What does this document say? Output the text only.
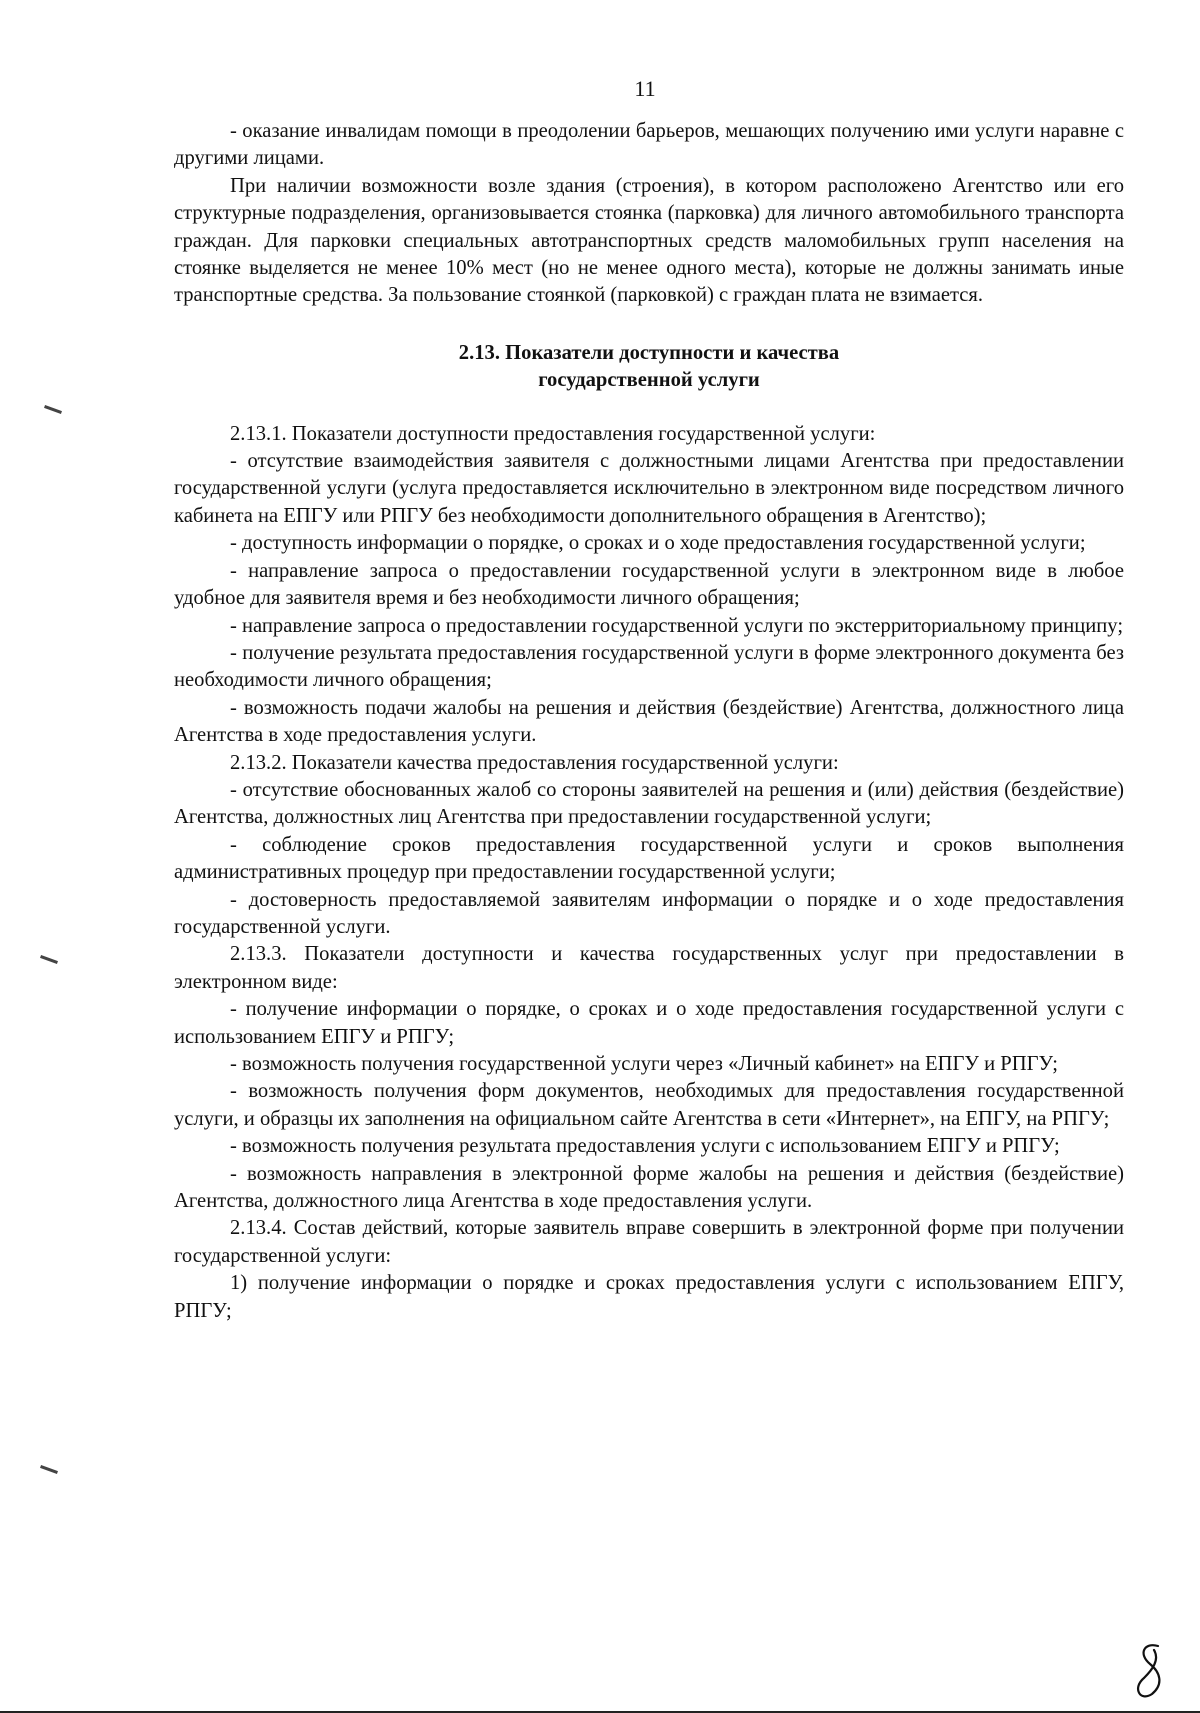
11

- оказание инвалидам помощи в преодолении барьеров, мешающих получению ими услуги наравне с другими лицами.

При наличии возможности возле здания (строения), в котором расположено Агентство или его структурные подразделения, организовывается стоянка (парковка) для личного автомобильного транспорта граждан. Для парковки специальных автотранспортных средств маломобильных групп населения на стоянке выделяется не менее 10% мест (но не менее одного места), которые не должны занимать иные транспортные средства. За пользование стоянкой (парковкой) с граждан плата не взимается.

2.13. Показатели доступности и качества
государственной услуги

2.13.1. Показатели доступности предоставления государственной услуги:

- отсутствие взаимодействия заявителя с должностными лицами Агентства при предоставлении государственной услуги (услуга предоставляется исключительно в электронном виде посредством личного кабинета на ЕПГУ или РПГУ без необходимости дополнительного обращения в Агентство);

- доступность информации о порядке, о сроках и о ходе предоставления государственной услуги;

- направление запроса о предоставлении государственной услуги в электронном виде в любое удобное для заявителя время и без необходимости личного обращения;

- направление запроса о предоставлении государственной услуги по экстерриториальному принципу;

- получение результата предоставления государственной услуги в форме электронного документа без необходимости личного обращения;

- возможность подачи жалобы на решения и действия (бездействие) Агентства, должностного лица Агентства в ходе предоставления услуги.

2.13.2. Показатели качества предоставления государственной услуги:

- отсутствие обоснованных жалоб со стороны заявителей на решения и (или) действия (бездействие) Агентства, должностных лиц Агентства при предоставлении государственной услуги;

- соблюдение сроков предоставления государственной услуги и сроков выполнения административных процедур при предоставлении государственной услуги;

- достоверность предоставляемой заявителям информации о порядке и о ходе предоставления государственной услуги.

2.13.3. Показатели доступности и качества государственных услуг при предоставлении в электронном виде:

- получение информации о порядке, о сроках и о ходе предоставления государственной услуги с использованием ЕПГУ и РПГУ;

- возможность получения государственной услуги через «Личный кабинет» на ЕПГУ и РПГУ;

- возможность получения форм документов, необходимых для предоставления государственной услуги, и образцы их заполнения на официальном сайте Агентства в сети «Интернет», на ЕПГУ, на РПГУ;

- возможность получения результата предоставления услуги с использованием ЕПГУ и РПГУ;

- возможность направления в электронной форме жалобы на решения и действия (бездействие) Агентства, должностного лица Агентства в ходе предоставления услуги.

2.13.4. Состав действий, которые заявитель вправе совершить в электронной форме при получении государственной услуги:

1) получение информации о порядке и сроках предоставления услуги с использованием ЕПГУ, РПГУ;
